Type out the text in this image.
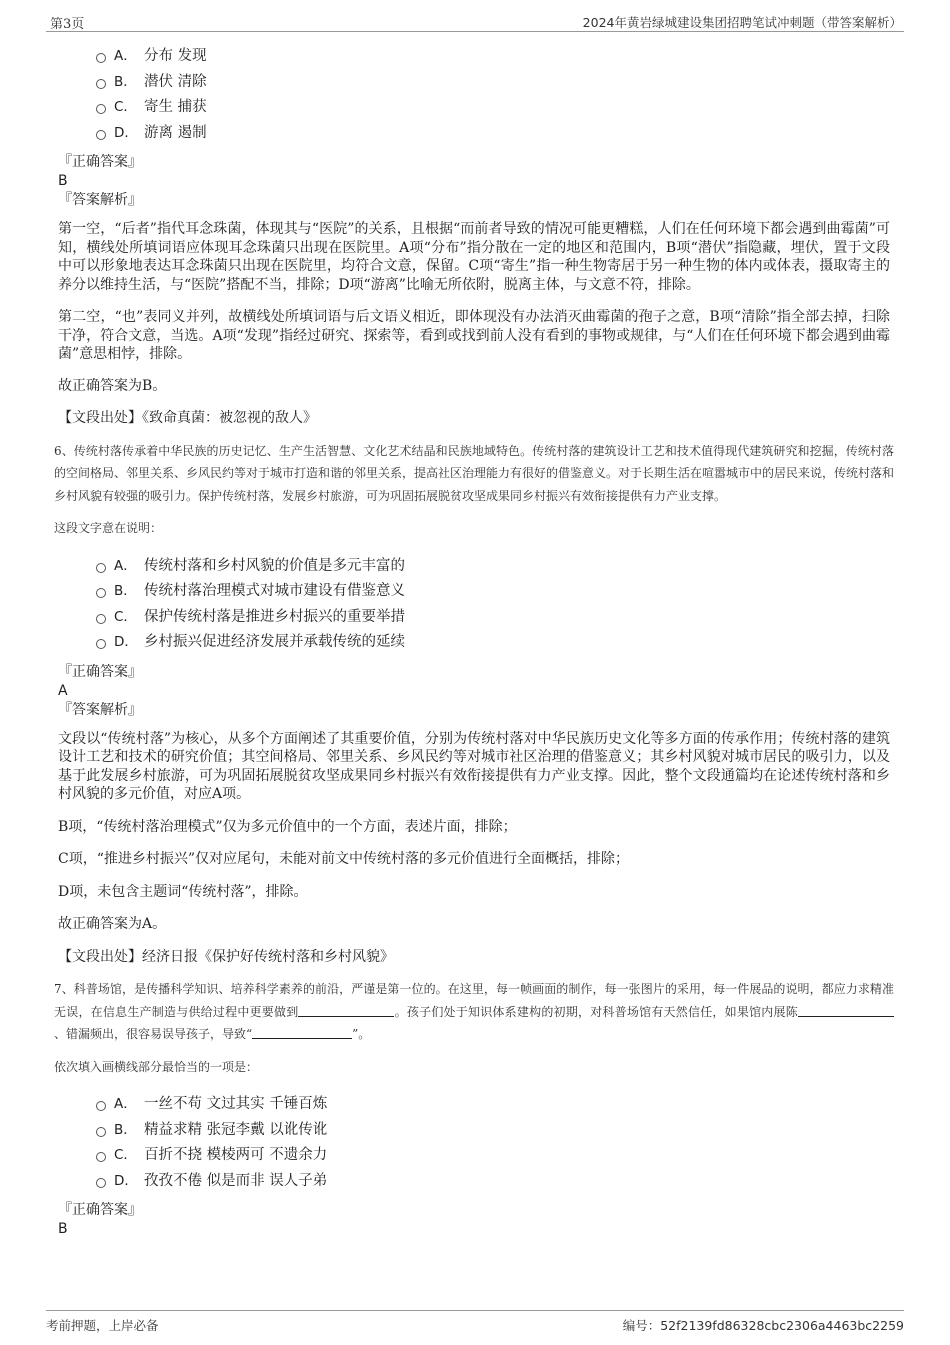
第3页	2024年黄岩绿城建设集团招聘笔试冲刺题（带答案解析）
A． 分布 发现
B． 潜伏 清除
C． 寄生 捕获
D． 游离 遏制
『正确答案』
B
『答案解析』
第一空，“后者”指代耳念珠菌，体现其与“医院”的关系，且根据“而前者导致的情况可能更糟糕，人们在任何环境下都会遇到曲霉菌”可知，横线处所填词语应体现耳念珠菌只出现在医院里。A项“分布”指分散在一定的地区和范围内，B项“潜伏”指隐藏，埋伏，置于文段中可以形象地表达耳念珠菌只出现在医院里，均符合文意，保留。C项“寄生”指一种生物寄居于另一种生物的体内或体表，摄取寄主的养分以维持生活，与“医院”搭配不当，排除；D项“游离”比喻无所依附，脱离主体，与文意不符，排除。
第二空，“也”表同义并列，故横线处所填词语与后文语义相近，即体现没有办法消灭曲霉菌的孢子之意，B项“清除”指全部去掉，扫除干净，符合文意，当选。A项“发现”指经过研究、探索等，看到或找到前人没有看到的事物或规律，与“人们在任何环境下都会遇到曲霉菌”意思相悖，排除。
故正确答案为B。
【文段出处】《致命真菌：被忽视的敌人》
6、传统村落传承着中华民族的历史记忆、生产生活智慧、文化艺术结晶和民族地域特色。传统村落的建筑设计工艺和技术值得现代建筑研究和挖掘，传统村落的空间格局、邻里关系、乡风民约等对于城市打造和谐的邻里关系，提高社区治理能力有很好的借鉴意义。对于长期生活在喧嚣城市中的居民来说，传统村落和乡村风貌有较强的吸引力。保护传统村落，发展乡村旅游，可为巩固拓展脱贫攻坚成果同乡村振兴有效衔接提供有力产业支撑。
这段文字意在说明：
A． 传统村落和乡村风貌的价值是多元丰富的
B． 传统村落治理模式对城市建设有借鉴意义
C． 保护传统村落是推进乡村振兴的重要举措
D． 乡村振兴促进经济发展并承载传统的延续
『正确答案』
A
『答案解析』
文段以“传统村落”为核心，从多个方面阐述了其重要价值，分别为传统村落对中华民族历史文化等多方面的传承作用；传统村落的建筑设计工艺和技术的研究价值；其空间格局、邻里关系、乡风民约等对城市社区治理的借鉴意义；其乡村风貌对城市居民的吸引力，以及基于此发展乡村旅游，可为巩固拓展脱贫攻坚成果同乡村振兴有效衔接提供有力产业支撑。因此，整个文段通篇均在论述传统村落和乡村风貌的多元价值，对应A项。
B项，“传统村落治理模式”仅为多元价值中的一个方面，表述片面，排除；
C项，“推进乡村振兴”仅对应尾句，未能对前文中传统村落的多元价值进行全面概括，排除；
D项，未包含主题词“传统村落”，排除。
故正确答案为A。
【文段出处】经济日报《保护好传统村落和乡村风貌》
7、科普场馆，是传播科学知识、培养科学素养的前沿，严谨是第一位的。在这里，每一帧画面的制作，每一张图片的采用，每一件展品的说明，都应力求精准无误，在信息生产制造与供给过程中更要做到	。孩子们处于知识体系建构的初期，对科普场馆有天然信任，如果馆内展陈、错漏频出，很容易误导孩子，导致“	”。
依次填入画横线部分最恰当的一项是：
A． 一丝不苟 文过其实 千锤百炼
B． 精益求精 张冠李戴 以讹传讹
C． 百折不挠 模棱两可 不遗余力
D． 孜孜不倦 似是而非 误人子弟
『正确答案』
B
考前押题，上岸必备	编号：52f2139fd86328cbc2306a4463bc2259
